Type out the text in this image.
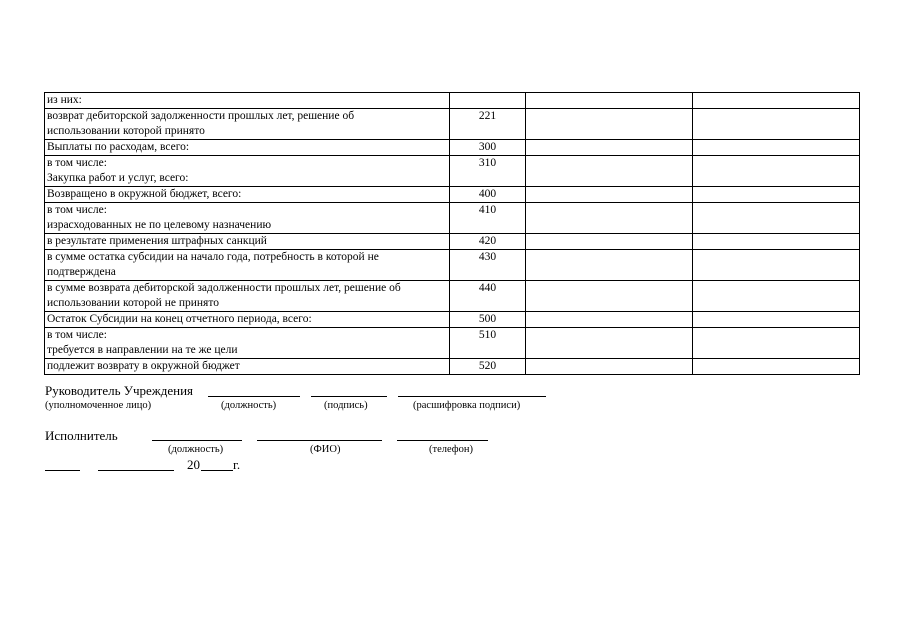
из них:			

возврат дебиторской задолженности прошлых лет, решение об
использовании которой принято	221		

Выплаты по расходам, всего:	300		

в том числе:
Закупка работ и услуг, всего:	310		

Возвращено в окружной бюджет, всего:	400		

в том числе:
израсходованных не по целевому назначению	410		

в результате применения штрафных санкций	420		

в сумме остатка субсидии на начало года, потребность в которой не
подтверждена	430		

в сумме возврата дебиторской задолженности прошлых лет, решение об
использовании которой не принято	440		

Остаток Субсидии на конец отчетного периода, всего:	500		

в том числе:
требуется в направлении на те же цели	510		

подлежит возврату в окружной бюджет	520		
Руководитель Учреждения
(уполномоченное лицо)	(должность)	(подпись)	(расшифровка подписи)
Исполнитель
(должность)	(ФИО)	(телефон)
20	г.
